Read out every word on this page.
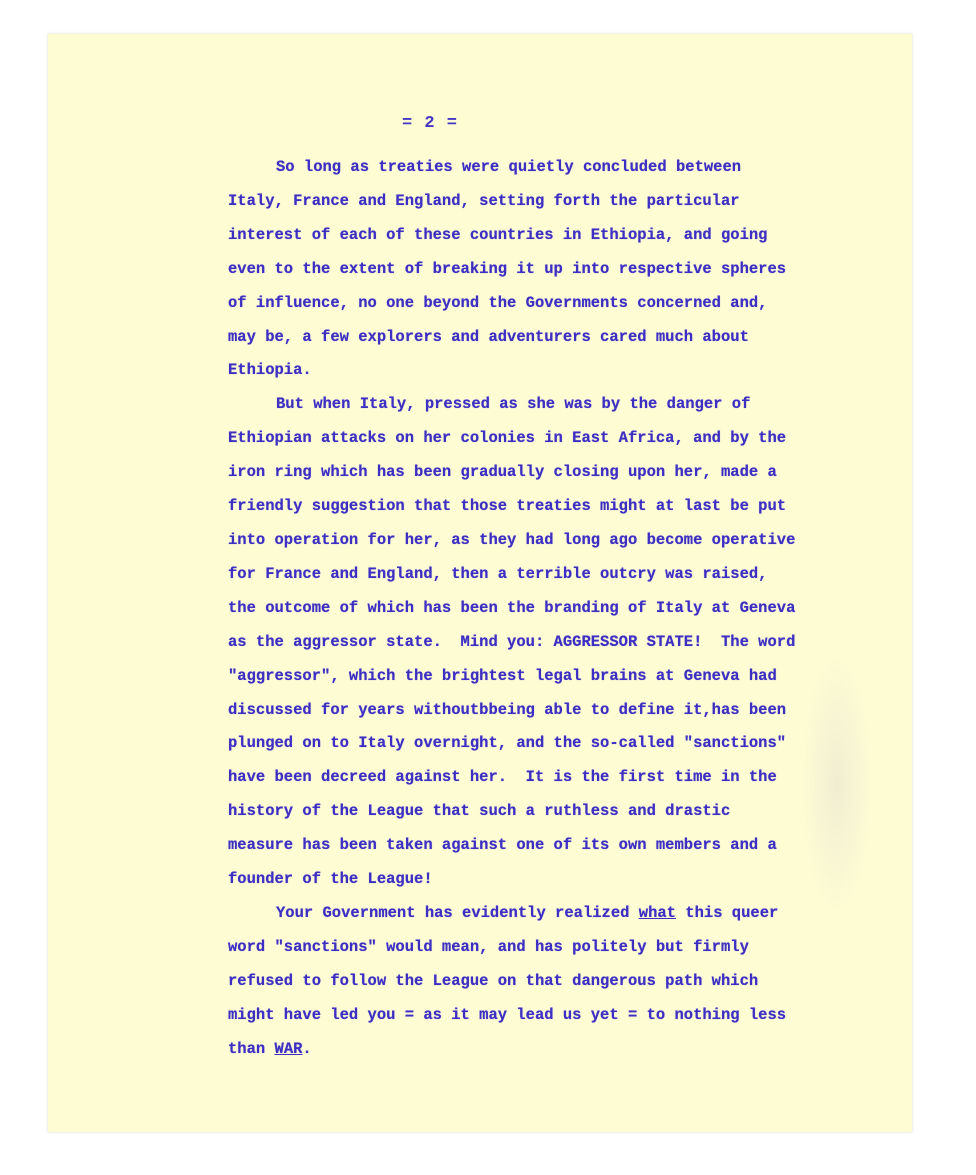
= 2 =
So long as treaties were quietly concluded between
Italy, France and England, setting forth the particular
interest of each of these countries in Ethiopia, and going
even to the extent of breaking it up into respective spheres
of influence, no one beyond the Governments concerned and,
may be, a few explorers and adventurers cared much about
Ethiopia.
But when Italy, pressed as she was by the danger of
Ethiopian attacks on her colonies in East Africa, and by the
iron ring which has been gradually closing upon her, made a
friendly suggestion that those treaties might at last be put
into operation for her, as they had long ago become operative
for France and England, then a terrible outcry was raised,
the outcome of which has been the branding of Italy at Geneva
as the aggressor state.  Mind you: AGGRESSOR STATE!  The word
"aggressor", which the brightest legal brains at Geneva had
discussed for years withoutbbeing able to define it,has been
plunged on to Italy overnight, and the so-called "sanctions"
have been decreed against her.  It is the first time in the
history of the League that such a ruthless and drastic
measure has been taken against one of its own members and a
founder of the League!
Your Government has evidently realized what this queer
word "sanctions" would mean, and has politely but firmly
refused to follow the League on that dangerous path which
might have led you = as it may lead us yet = to nothing less
than WAR.
